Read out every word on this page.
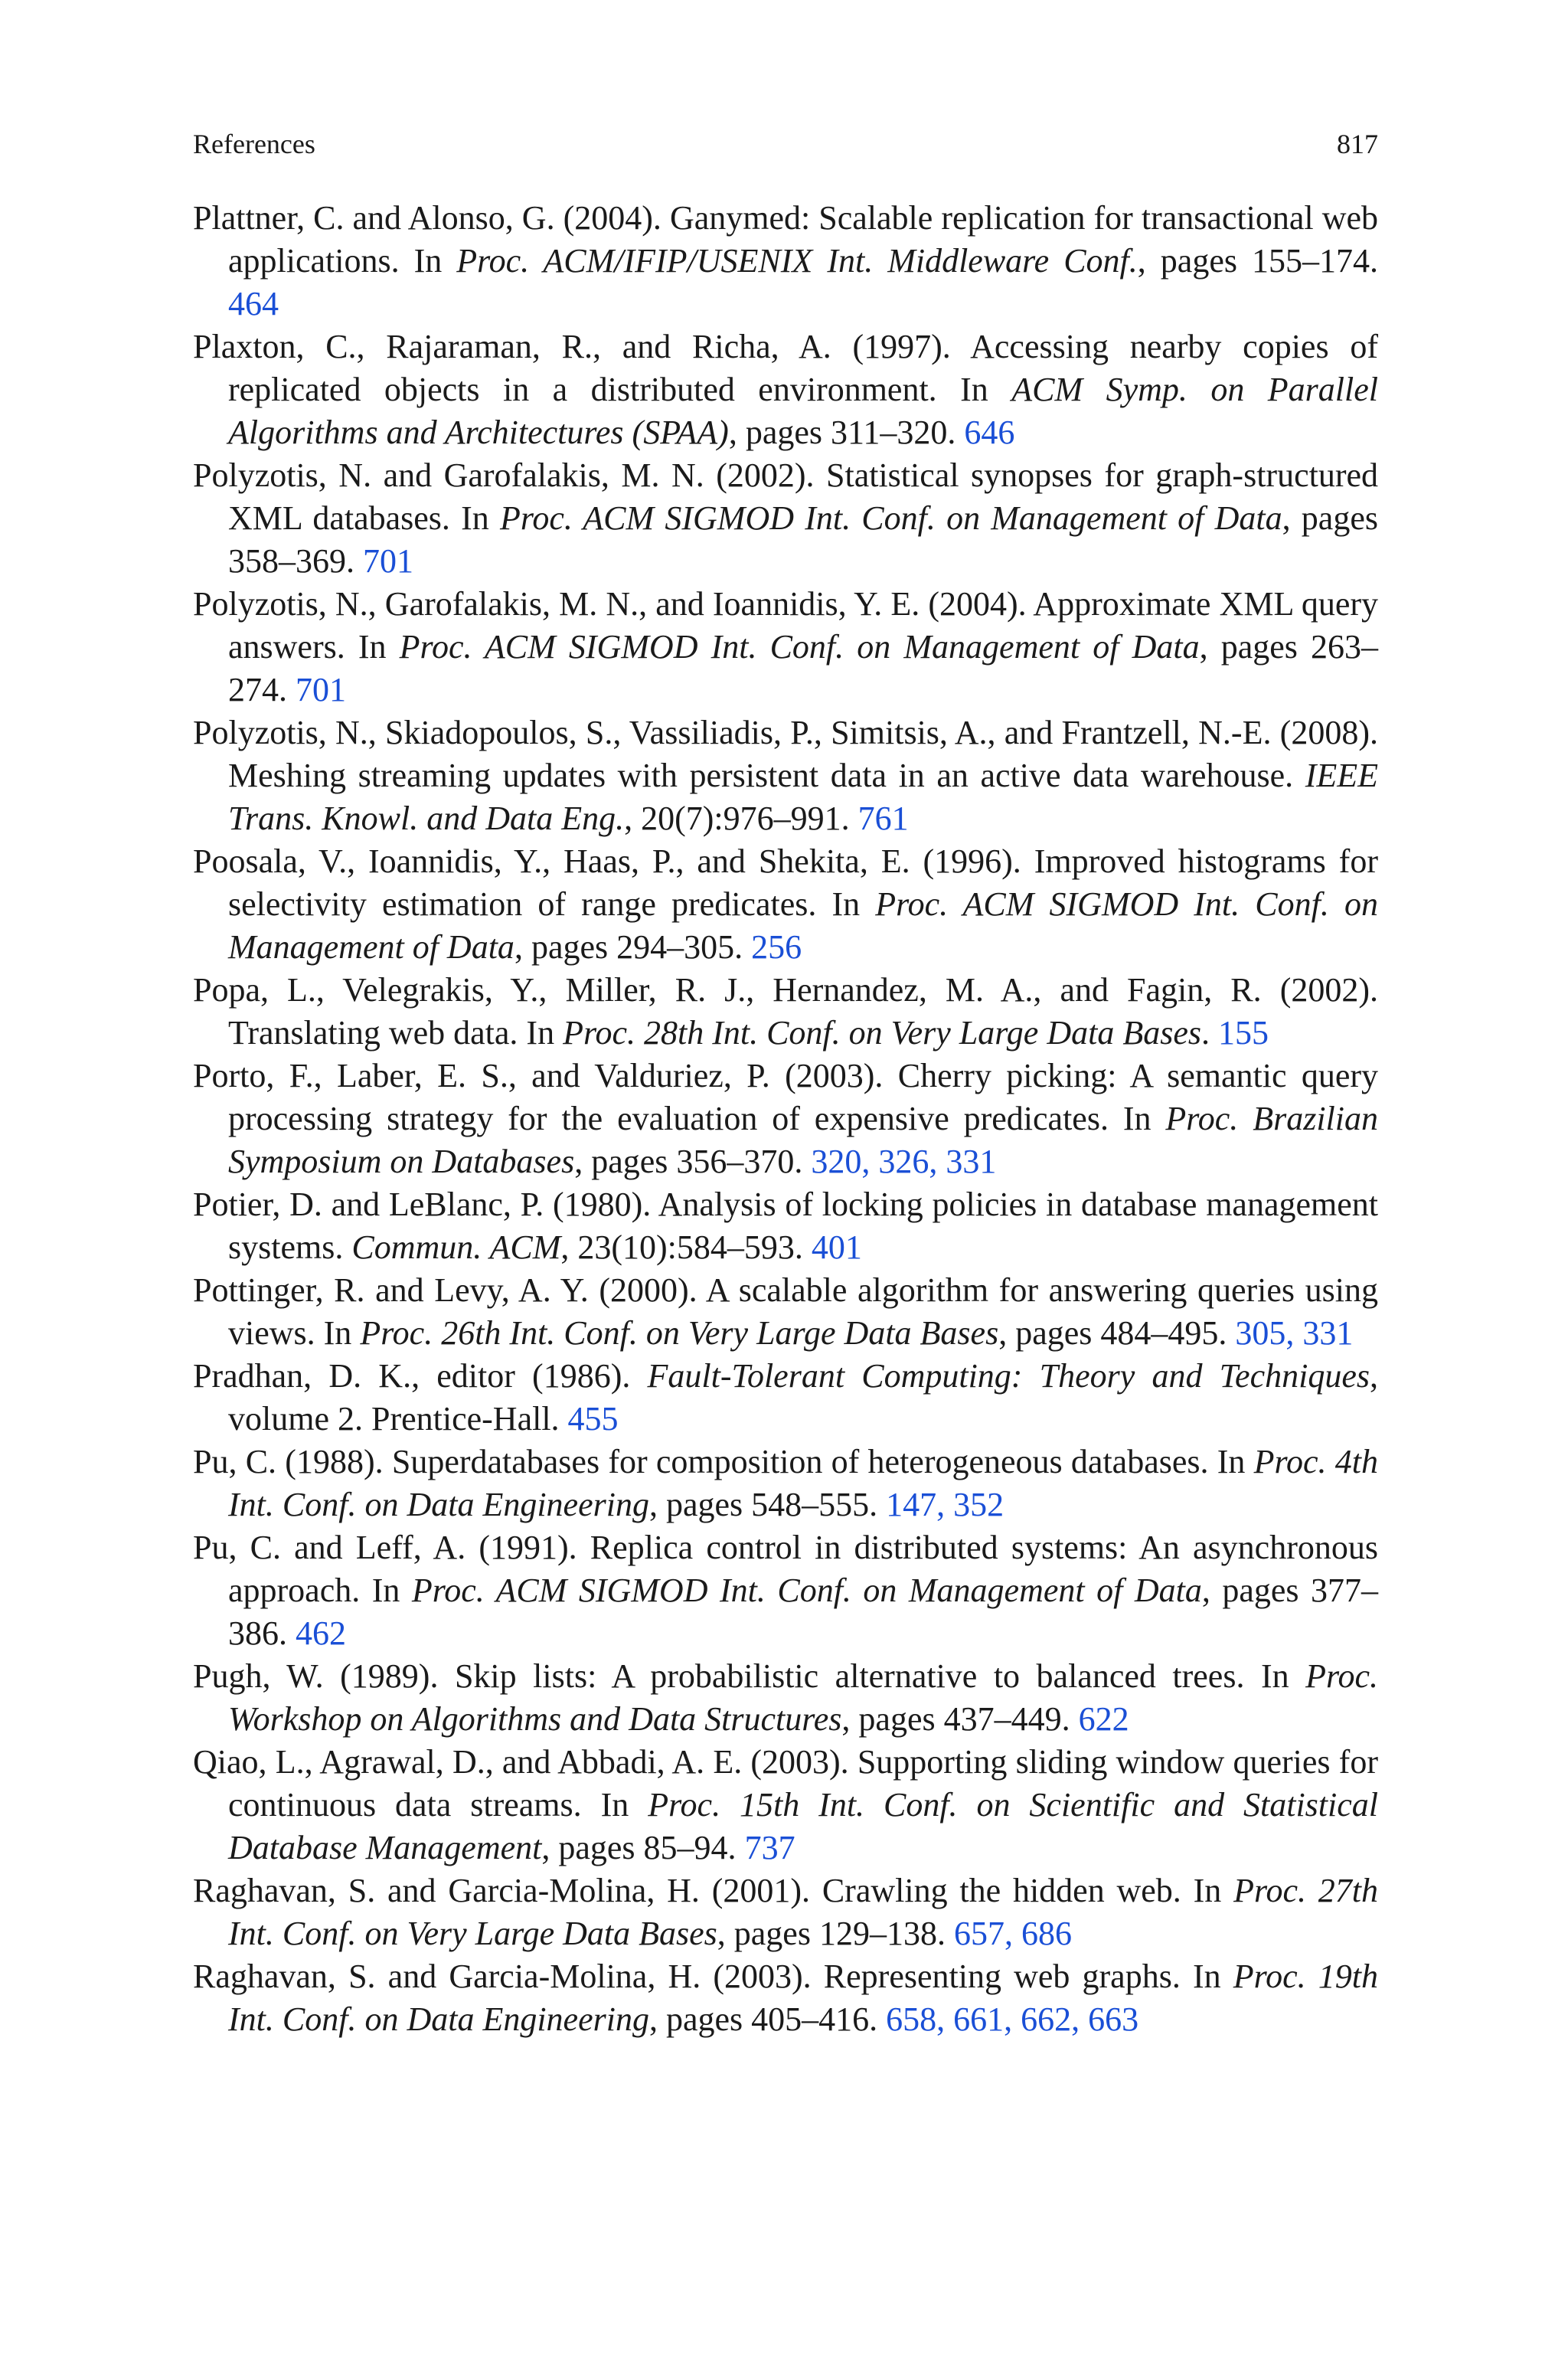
References	817

Plattner, C. and Alonso, G. (2004). Ganymed: Scalable replication for transactional web applications. In Proc. ACM/IFIP/USENIX Int. Middleware Conf., pages 155–174. 464

Plaxton, C., Rajaraman, R., and Richa, A. (1997). Accessing nearby copies of replicated objects in a distributed environment. In ACM Symp. on Parallel Algorithms and Architectures (SPAA), pages 311–320. 646

Polyzotis, N. and Garofalakis, M. N. (2002). Statistical synopses for graph-structured XML databases. In Proc. ACM SIGMOD Int. Conf. on Management of Data, pages 358–369. 701

Polyzotis, N., Garofalakis, M. N., and Ioannidis, Y. E. (2004). Approximate XML query answers. In Proc. ACM SIGMOD Int. Conf. on Management of Data, pages 263–274. 701

Polyzotis, N., Skiadopoulos, S., Vassiliadis, P., Simitsis, A., and Frantzell, N.-E. (2008). Meshing streaming updates with persistent data in an active data warehouse. IEEE Trans. Knowl. and Data Eng., 20(7):976–991. 761

Poosala, V., Ioannidis, Y., Haas, P., and Shekita, E. (1996). Improved histograms for selectivity estimation of range predicates. In Proc. ACM SIGMOD Int. Conf. on Management of Data, pages 294–305. 256

Popa, L., Velegrakis, Y., Miller, R. J., Hernandez, M. A., and Fagin, R. (2002). Translating web data. In Proc. 28th Int. Conf. on Very Large Data Bases. 155

Porto, F., Laber, E. S., and Valduriez, P. (2003). Cherry picking: A semantic query processing strategy for the evaluation of expensive predicates. In Proc. Brazilian Symposium on Databases, pages 356–370. 320, 326, 331

Potier, D. and LeBlanc, P. (1980). Analysis of locking policies in database management systems. Commun. ACM, 23(10):584–593. 401

Pottinger, R. and Levy, A. Y. (2000). A scalable algorithm for answering queries using views. In Proc. 26th Int. Conf. on Very Large Data Bases, pages 484–495. 305, 331

Pradhan, D. K., editor (1986). Fault-Tolerant Computing: Theory and Techniques, volume 2. Prentice-Hall. 455

Pu, C. (1988). Superdatabases for composition of heterogeneous databases. In Proc. 4th Int. Conf. on Data Engineering, pages 548–555. 147, 352

Pu, C. and Leff, A. (1991). Replica control in distributed systems: An asynchronous approach. In Proc. ACM SIGMOD Int. Conf. on Management of Data, pages 377–386. 462

Pugh, W. (1989). Skip lists: A probabilistic alternative to balanced trees. In Proc. Workshop on Algorithms and Data Structures, pages 437–449. 622

Qiao, L., Agrawal, D., and Abbadi, A. E. (2003). Supporting sliding window queries for continuous data streams. In Proc. 15th Int. Conf. on Scientific and Statistical Database Management, pages 85–94. 737

Raghavan, S. and Garcia-Molina, H. (2001). Crawling the hidden web. In Proc. 27th Int. Conf. on Very Large Data Bases, pages 129–138. 657, 686

Raghavan, S. and Garcia-Molina, H. (2003). Representing web graphs. In Proc. 19th Int. Conf. on Data Engineering, pages 405–416. 658, 661, 662, 663
